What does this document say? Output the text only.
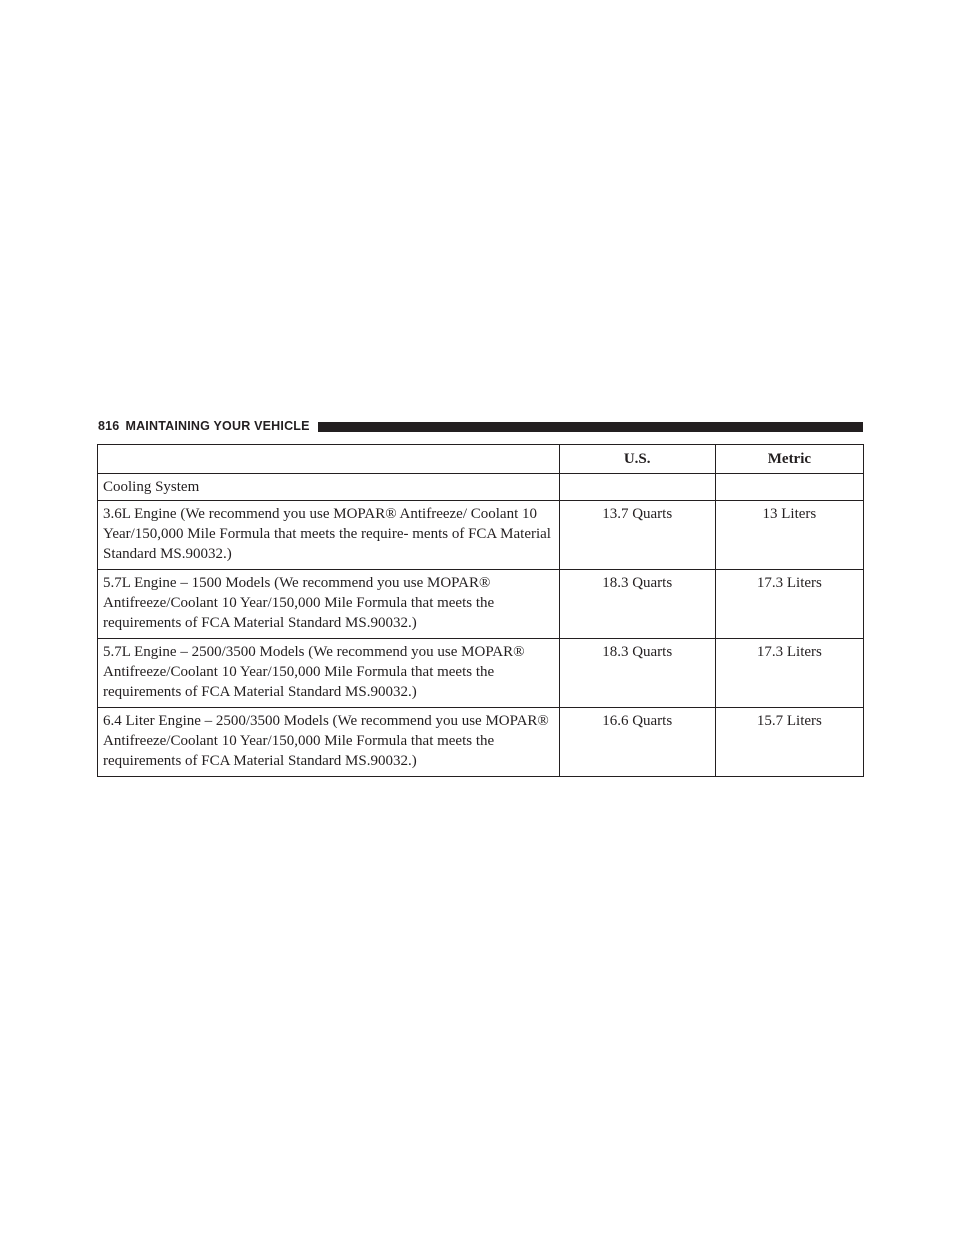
816 MAINTAINING YOUR VEHICLE
	U.S.	Metric
Cooling System		
3.6L Engine (We recommend you use MOPAR® Antifreeze/ Coolant 10 Year/150,000 Mile Formula that meets the require- ments of FCA Material Standard MS.90032.)	13.7 Quarts	13 Liters
5.7L Engine – 1500 Models (We recommend you use MOPAR® Antifreeze/Coolant 10 Year/150,000 Mile Formula that meets the requirements of FCA Material Standard MS.90032.)	18.3 Quarts	17.3 Liters
5.7L Engine – 2500/3500 Models (We recommend you use MOPAR® Antifreeze/Coolant 10 Year/150,000 Mile Formula that meets the requirements of FCA Material Standard MS.90032.)	18.3 Quarts	17.3 Liters
6.4 Liter Engine – 2500/3500 Models (We recommend you use MOPAR® Antifreeze/Coolant 10 Year/150,000 Mile Formula that meets the requirements of FCA Material Standard MS.90032.)	16.6 Quarts	15.7 Liters
